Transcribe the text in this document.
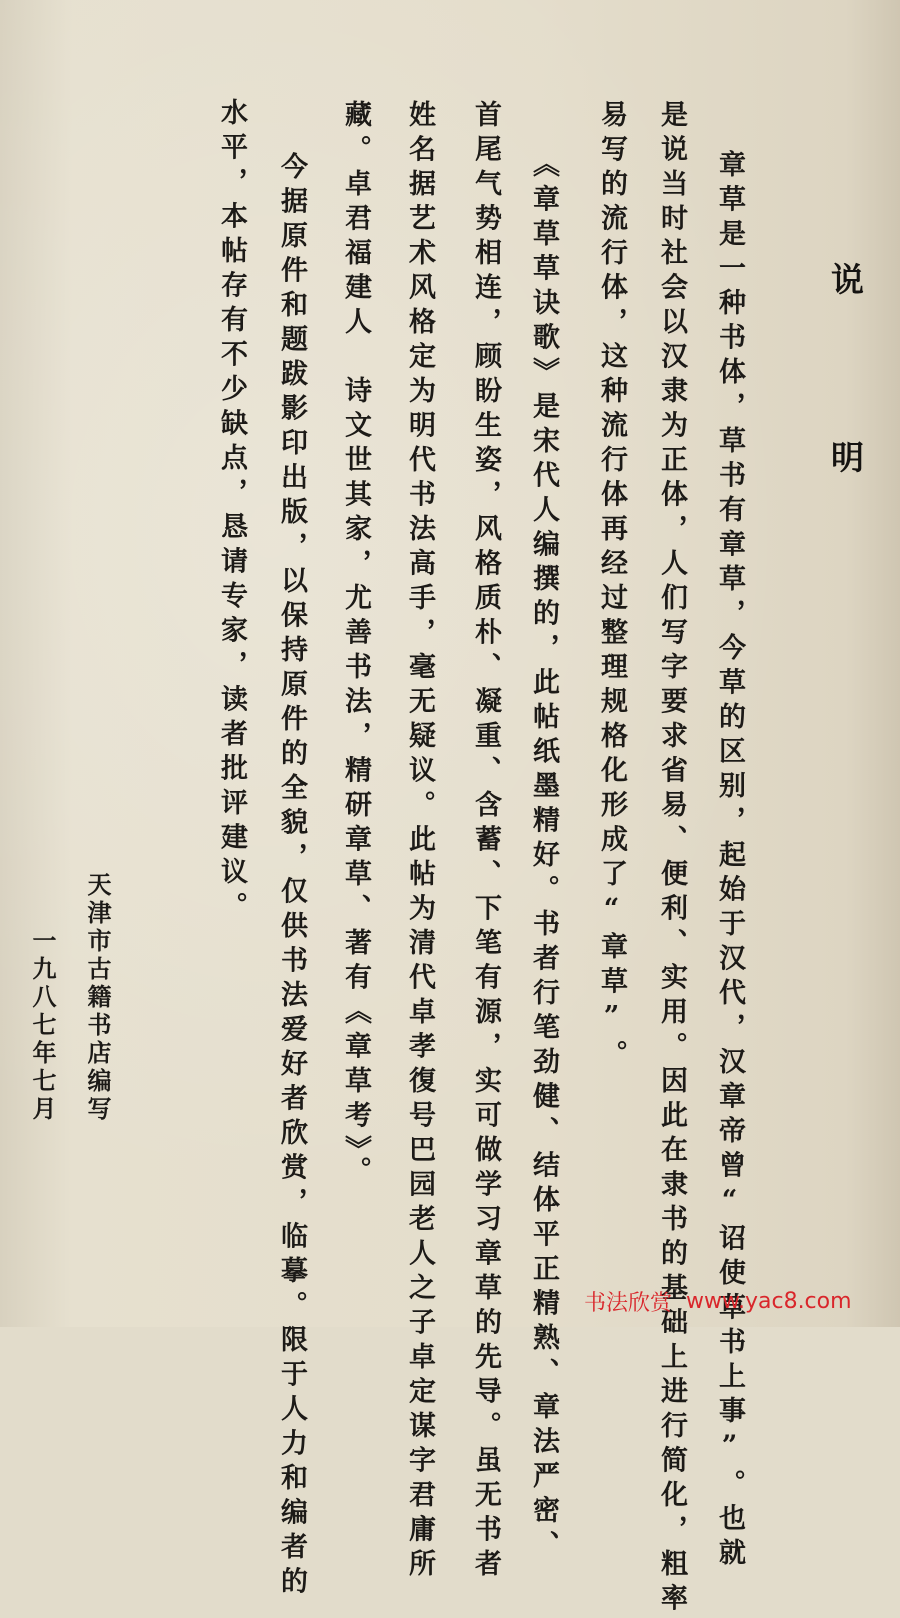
说　明
章草是一种书体，草书有章草，今草的区别，起始于汉代，汉章帝曾“诏使草书上事”。也就
是说当时社会以汉隶为正体，人们写字要求省易、便利、实用。因此在隶书的基础上进行简化，粗率
易写的流行体，这种流行体再经过整理规格化形成了“章草”。
《章草草诀歌》是宋代人编撰的，此帖纸墨精好。书者行笔劲健、结体平正精熟、章法严密、
首尾气势相连，顾盼生姿，风格质朴、凝重、含蓄、下笔有源，实可做学习章草的先导。虽无书者
姓名据艺术风格定为明代书法高手，毫无疑议。此帖为清代卓孝復号巴园老人之子卓定谋字君庸所
藏。卓君福建人　诗文世其家，尤善书法，精研章草、著有《章草考》。
今据原件和题跋影印出版，以保持原件的全貌，仅供书法爱好者欣赏，临摹。限于人力和编者的
水平，本帖存有不少缺点，恳请专家，读者批评建议。
天津市古籍书店编写
一九八七年七月
书法欣赏 www.yac8.com
